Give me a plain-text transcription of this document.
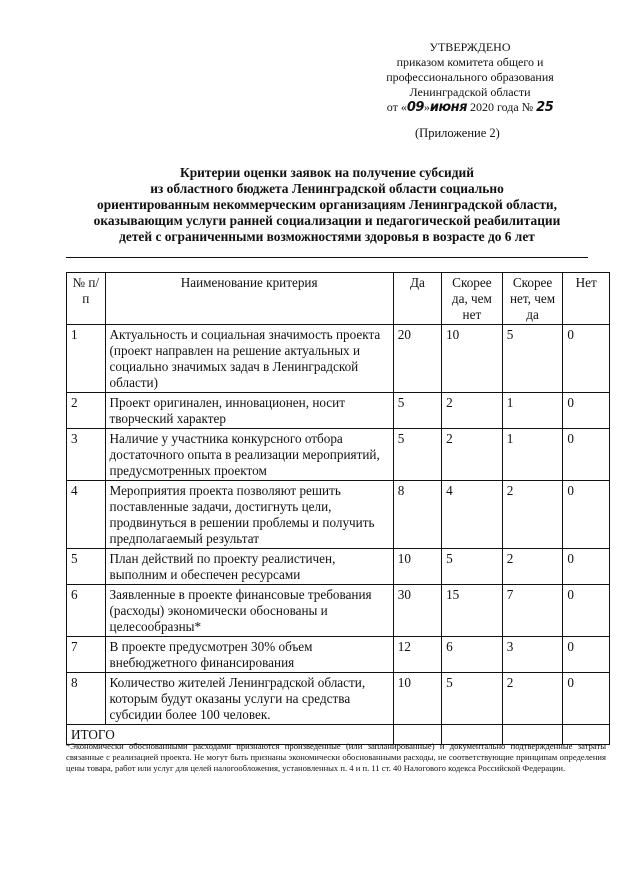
УТВЕРЖДЕНО
приказом комитета общего и
профессионального образования
Ленинградской области
от «09»июня 2020 года № 25
(Приложение 2)
Критерии оценки заявок на получение субсидий
из областного бюджета Ленинградской области социально
ориентированным некоммерческим организациям Ленинградской области,
оказывающим услуги ранней социализации и педагогической реабилитации
детей с ограниченными возможностями здоровья в возрасте до 6 лет
№ п/п	Наименование критерия	Да	Скорее да, чем нет	Скорее нет, чем да	Нет
1	Актуальность и социальная значимость проекта (проект направлен на решение актуальных и социально значимых задач в Ленинградской области)	20	10	5	0
2	Проект оригинален, инновационен, носит творческий характер	5	2	1	0
3	Наличие у участника конкурсного отбора достаточного опыта в реализации мероприятий, предусмотренных проектом	5	2	1	0
4	Мероприятия проекта позволяют решить поставленные задачи, достигнуть цели, продвинуться в решении проблемы и получить предполагаемый результат	8	4	2	0
5	План действий по проекту реалистичен, выполним и обеспечен ресурсами	10	5	2	0
6	Заявленные в проекте финансовые требования (расходы) экономически обоснованы и целесообразны*	30	15	7	0
7	В проекте предусмотрен 30% объем внебюджетного финансирования	12	6	3	0
8	Количество жителей Ленинградской области, которым будут оказаны услуги на средства субсидии более 100 человек.	10	5	2	0
ИТОГО					
*Экономически обоснованными расходами признаются произведенные (или запланированные) и документально подтвержденные затраты связанные с реализацией проекта. Не могут быть признаны экономически обоснованными расходы, не соответствующие принципам определения цены товара, работ или услуг для целей налогообложения, установленных п. 4 и п. 11 ст. 40 Налогового кодекса Российской Федерации.
